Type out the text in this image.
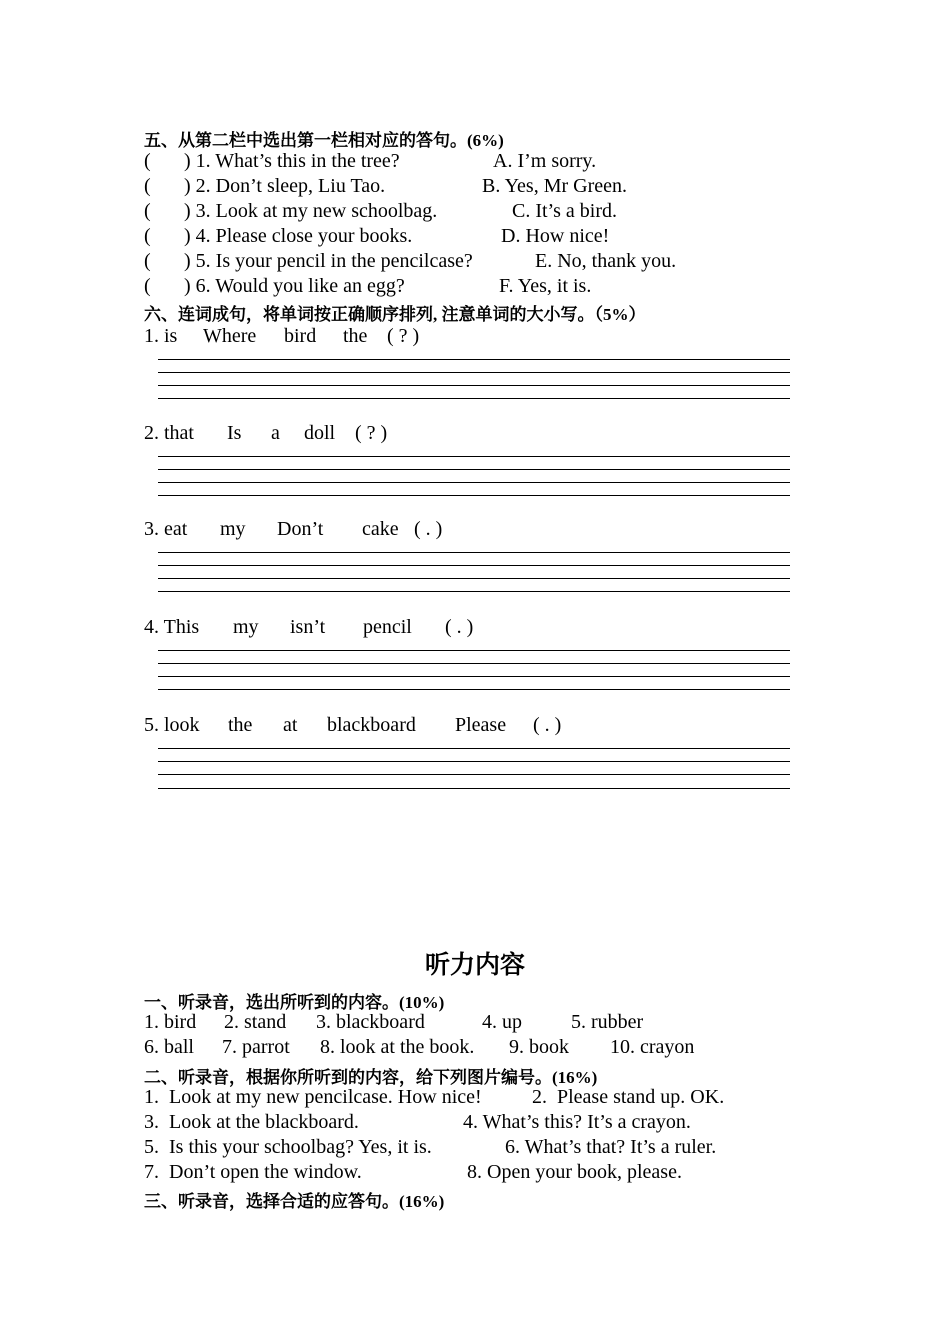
五、从第二栏中选出第一栏相对应的答句。(6%)
( ) 1. What’s this in the tree?	A. I’m sorry.
( ) 2. Don’t sleep, Liu Tao.	B. Yes, Mr Green.
( ) 3. Look at my new schoolbag.	C. It’s a bird.
( ) 4. Please close your books.	D. How nice!
( ) 5. Is your pencil in the pencilcase?	E. No, thank you.
( ) 6. Would you like an egg?	F. Yes, it is.
六、连词成句，将单词按正确顺序排列, 注意单词的大小写。（5%）
1. is Where bird the ( ? )
2. that Is a doll ( ? )
3. eat my Don’t cake ( . )
4. This my isn’t pencil ( . )
5. look the at blackboard Please ( . )
听力内容
一、听录音，选出所听到的内容。(10%)
1. bird 2. stand 3. blackboard	4. up 5. rubber
6. ball 7. parrot 8. look at the book. 9. book 10. crayon
二、听录音，根据你所听到的内容，给下列图片编号。(16%)
1.  Look at my new pencilcase. How nice!	2.  Please stand up. OK.
3.  Look at the blackboard.	4. What’s this? It’s a crayon.
5.  Is this your schoolbag? Yes, it is.	6. What’s that? It’s a ruler.
7.  Don’t open the window.	8. Open your book, please.
三、听录音，选择合适的应答句。(16%)
